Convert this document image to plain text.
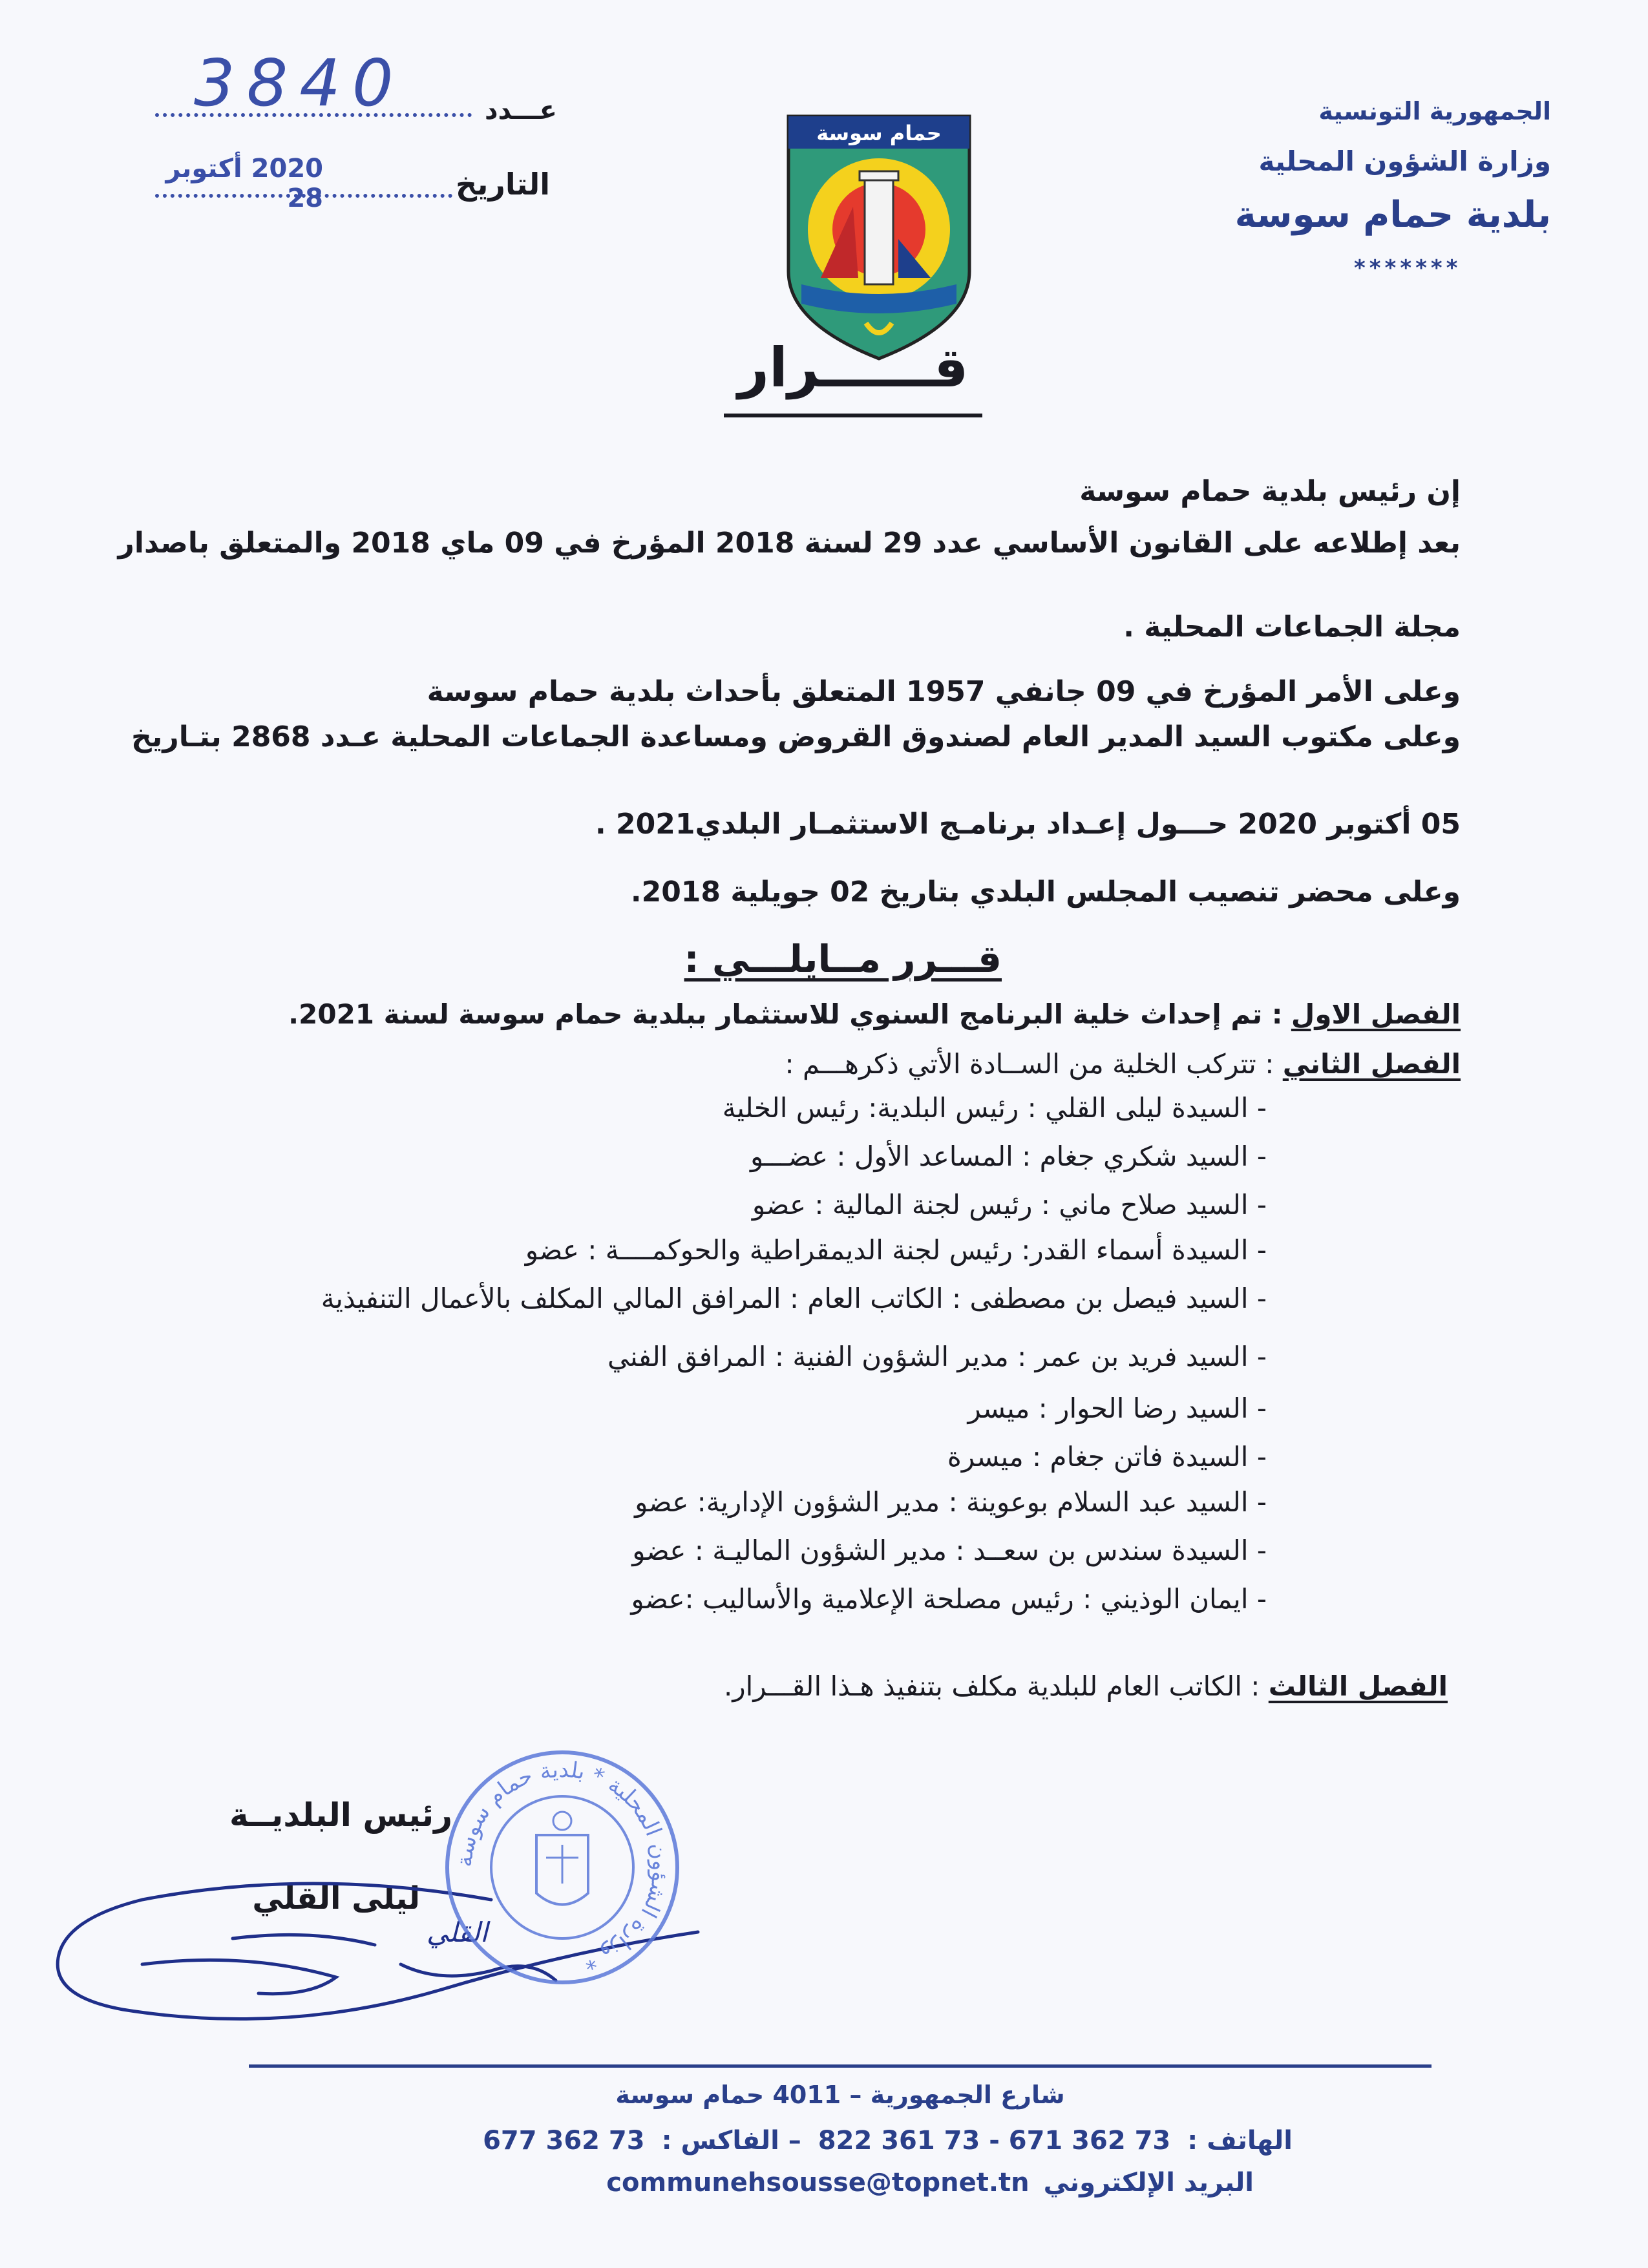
الجمهورية التونسية
وزارة الشؤون المحلية
بلدية حمام سوسة
*******
3840	عـــدد
2020 أكتوبر 28	التاريخ
حمام سوسة
قــــــرار
إن رئيس بلدية حمام سوسة
بعد إطلاعه على القانون الأساسي عدد 29 لسنة 2018 المؤرخ في 09 ماي 2018 والمتعلق باصدار
مجلة الجماعات المحلية .
وعلى الأمر المؤرخ في 09 جانفي 1957 المتعلق بأحداث بلدية حمام سوسة
وعلى مكتوب السيد المدير العام لصندوق القروض ومساعدة الجماعات المحلية عـدد 2868 بتـاريخ
05 أكتوبر 2020 حـــول إعـداد برنامـج الاستثمـار البلدي2021 .
وعلى محضر تنصيب المجلس البلدي بتاريخ 02 جويلية 2018.
قـــرر مــايلـــي :
الفصل الاول : تم إحداث خلية البرنامج السنوي للاستثمار ببلدية حمام سوسة لسنة 2021.
الفصل الثاني : تتركب الخلية من الســادة الأتي ذكرهـــم :
- السيدة ليلى القلي : رئيس البلدية: رئيس الخلية
- السيد شكري جغام : المساعد الأول : عضـــو
- السيد صلاح ماني : رئيس لجنة المالية : عضو
- السيدة أسماء القدر: رئيس لجنة الديمقراطية والحوكمــــة : عضو
- السيد فيصل بن مصطفى : الكاتب العام : المرافق المالي المكلف بالأعمال التنفيذية
- السيد فريد بن عمر : مدير الشؤون الفنية : المرافق الفني
- السيد رضا الحوار : ميسر
- السيدة فاتن جغام : ميسرة
- السيد عبد السلام بوعوينة : مدير الشؤون الإدارية: عضو
- السيدة سندس بن سعــد : مدير الشؤون الماليـة : عضو
- ايمان الوذيني : رئيس مصلحة الإعلامية والأساليب :عضو
الفصل الثالث : الكاتب العام للبلدية مكلف بتنفيذ هـذا القـــرار.
رئيس البلديــة
ليلى القلي
القلي
وزارة الشؤون المحلية * بلدية حمام سوسة *
شارع الجمهورية – 4011 حمام سوسة
الهاتف :
822 361 73 - 671 362 73
– الفاكس :
677 362 73
البريد الإلكتروني
communehsousse@topnet.tn
